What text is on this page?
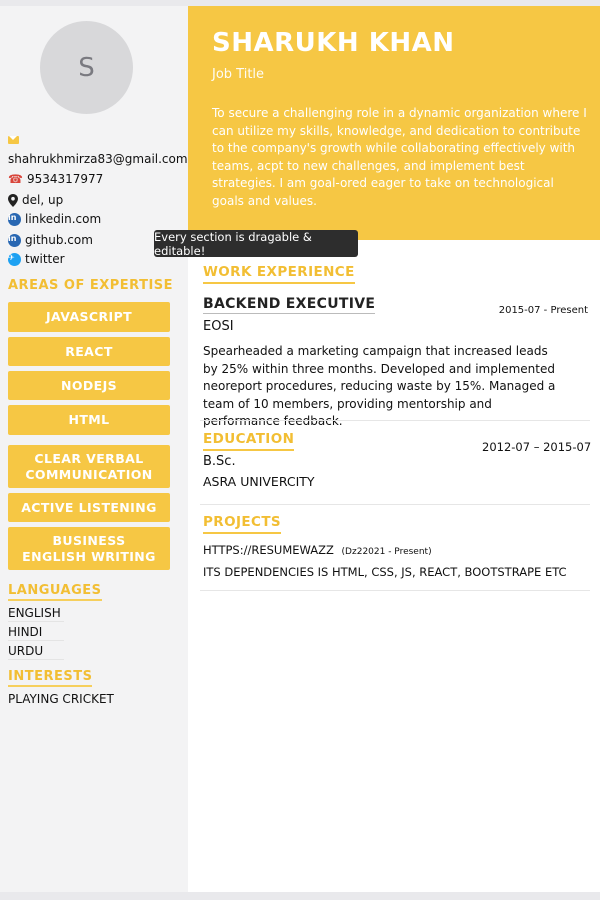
S
shahrukhmirza83@gmail.com
☎ 9534317977
del, up
in linkedin.com
in github.com
✈ twitter
AREAS OF EXPERTISE
JAVASCRIPT
REACT
NODEJS
HTML
CLEAR VERBAL COMMUNICATION
ACTIVE LISTENING
BUSINESS ENGLISH WRITING
LANGUAGES
ENGLISH
HINDI
URDU
INTERESTS
PLAYING CRICKET
SHARUKH KHAN
Job Title
To secure a challenging role in a dynamic organization where I can utilize my skills, knowledge, and dedication to contribute to the company's growth while collaborating effectively with teams, acpt to new challenges, and implement best strategies. I am goal-ored eager to take on technological goals and values.
Every section is dragable & editable!
WORK EXPERIENCE
BACKEND EXECUTIVE	2015-07 - Present
EOSI
Spearheaded a marketing campaign that increased leads by 25% within three months. Developed and implemented neoreport procedures, reducing waste by 15%. Managed a team of 10 members, providing mentorship and performance feedback.
EDUCATION	2012-07 – 2015-07
B.Sc.
ASRA UNIVERCITY
PROJECTS
HTTPS://RESUMEWAZZ (Dz22021 - Present)
ITS DEPENDENCIES IS HTML, CSS, JS, REACT, BOOTSTRAPE ETC
